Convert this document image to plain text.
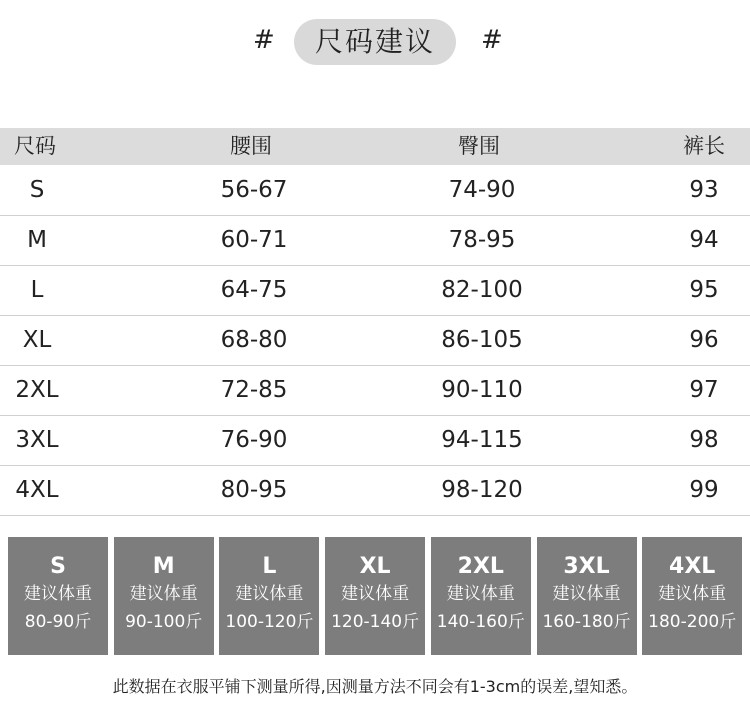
#	尺码建议	#
尺码	腰围	臀围	裤长
S	56-67	74-90	93
M	60-71	78-95	94
L	64-75	82-100	95
XL	68-80	86-105	96
2XL	72-85	90-110	97
3XL	76-90	94-115	98
4XL	80-95	98-120	99
S
建议体重
80-90斤
M
建议体重
90-100斤
L
建议体重
100-120斤
XL
建议体重
120-140斤
2XL
建议体重
140-160斤
3XL
建议体重
160-180斤
4XL
建议体重
180-200斤
此数据在衣服平铺下测量所得,因测量方法不同会有1-3cm的误差,望知悉。
